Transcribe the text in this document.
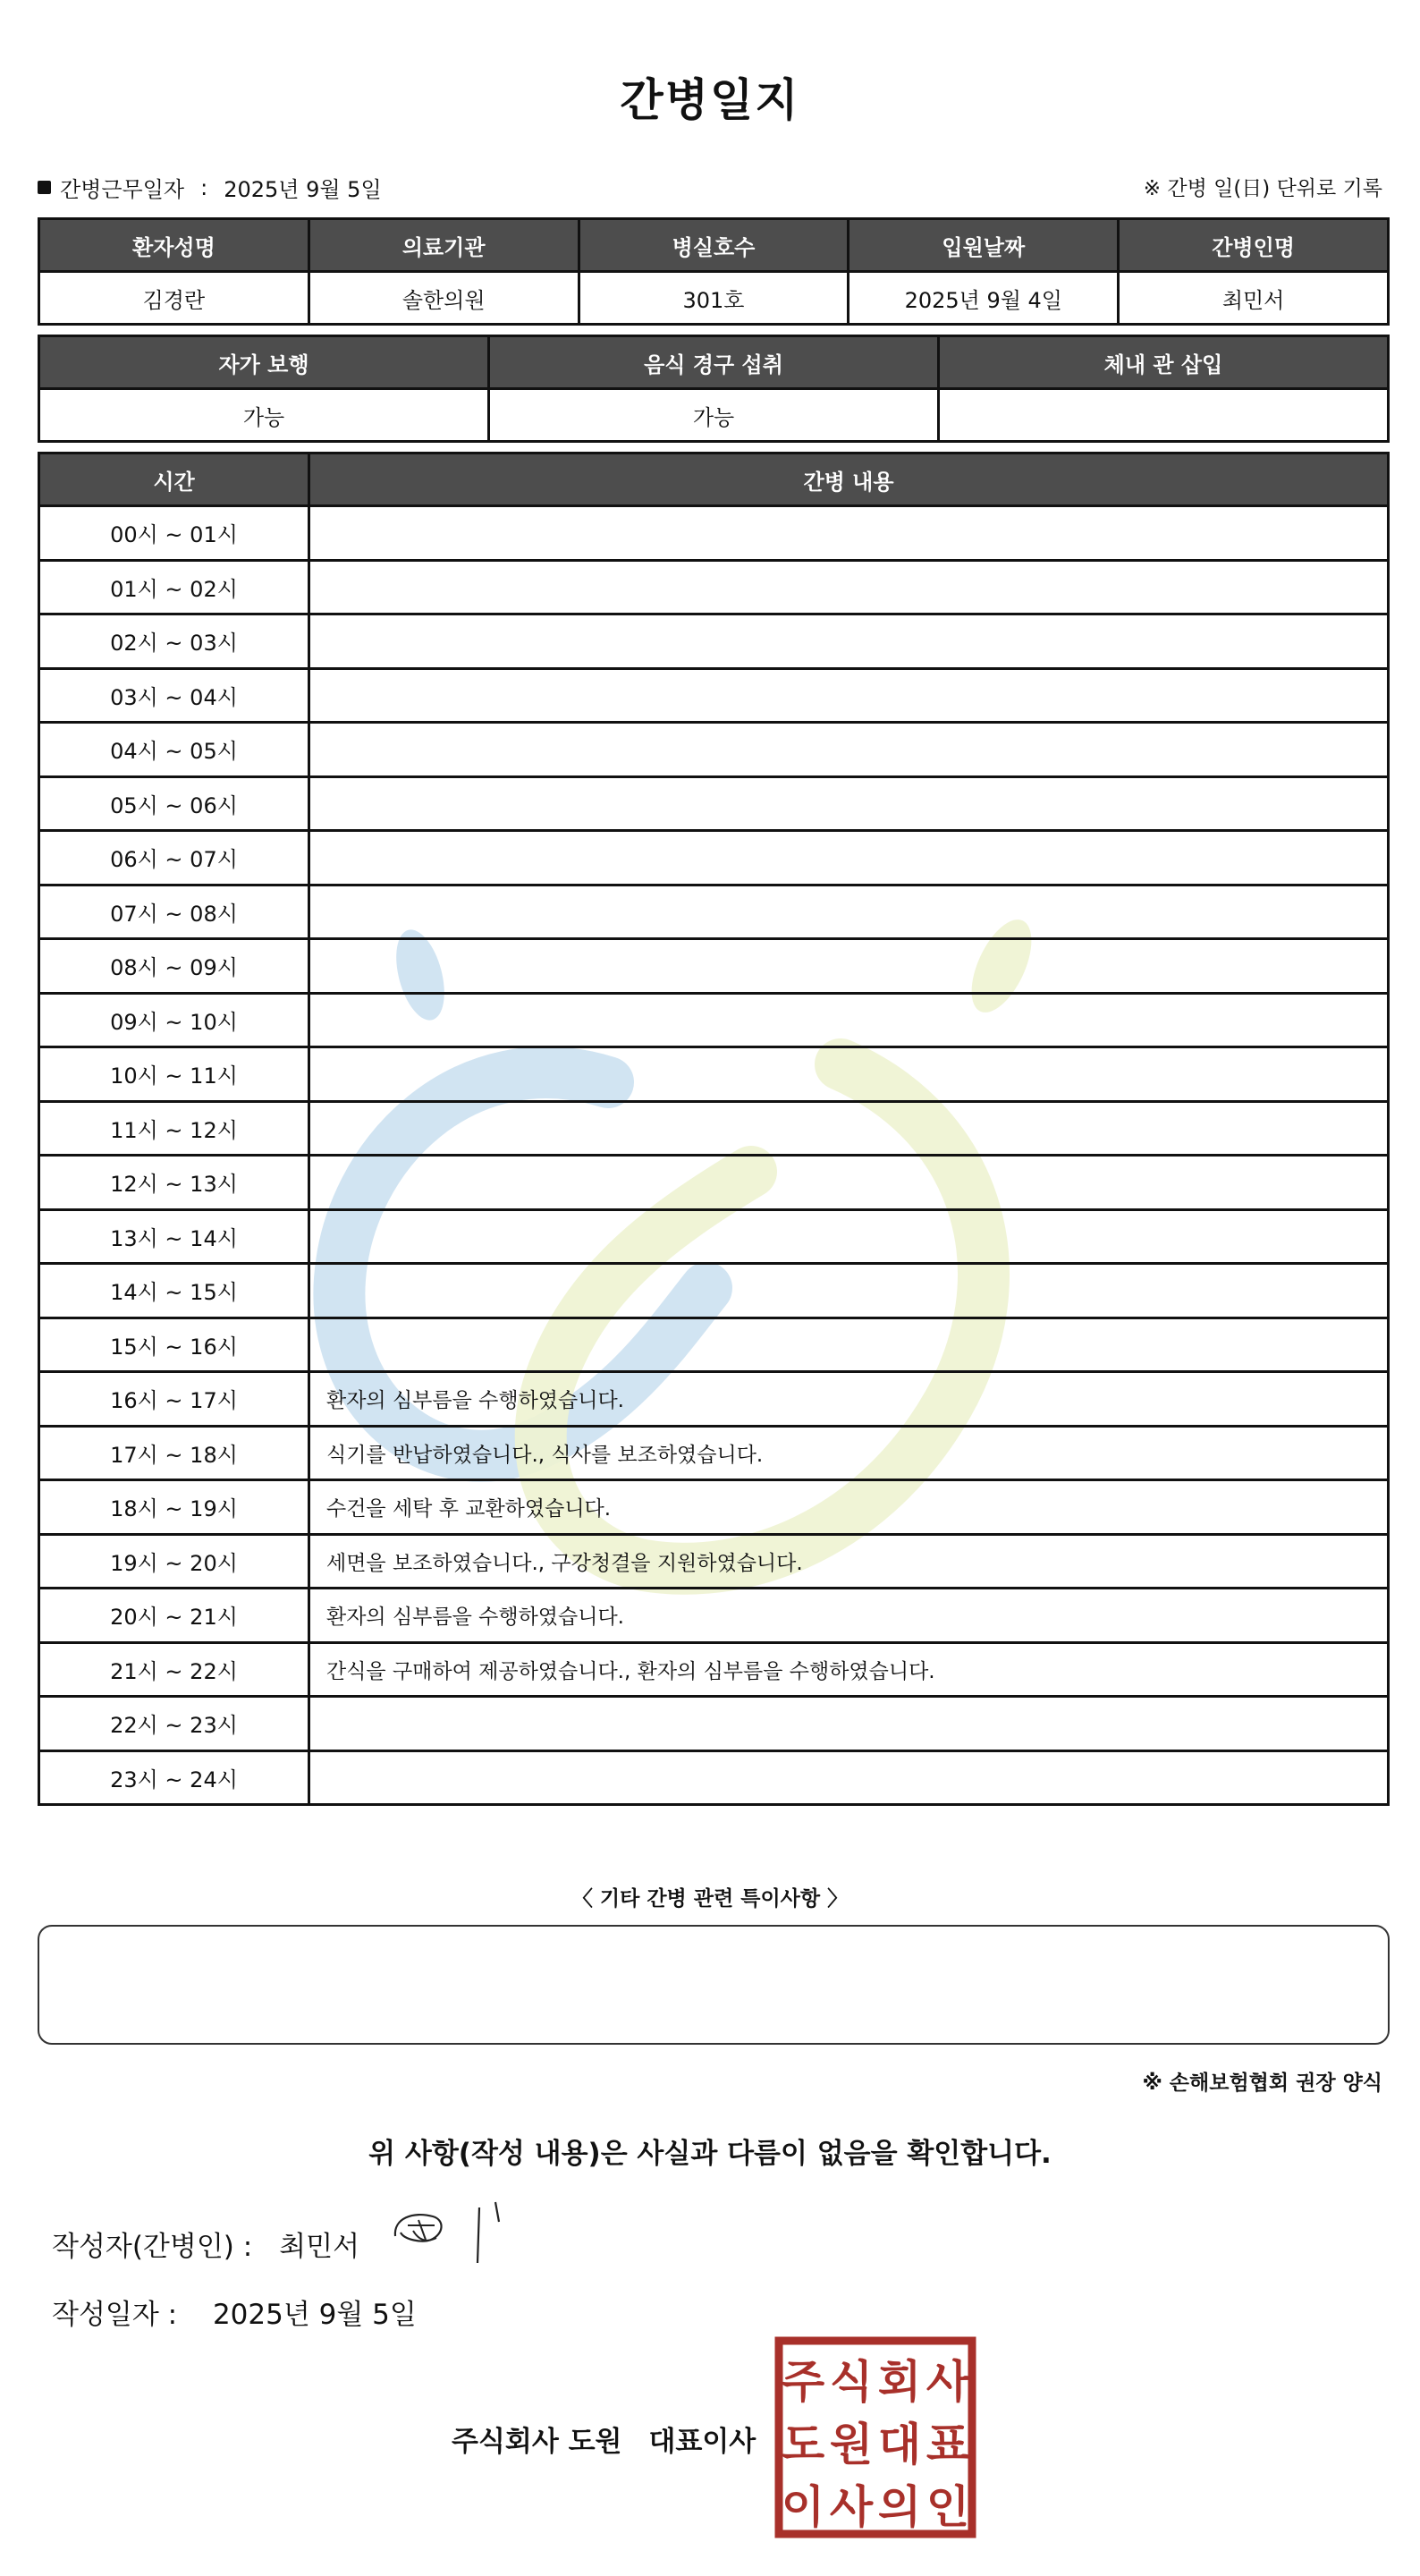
간병일지
간병근무일자 : 2025년 9월 5일	※ 간병 일(日) 단위로 기록
환자성명	의료기관	병실호수	입원날짜	간병인명
김경란	솔한의원	301호	2025년 9월 4일	최민서
자가 보행	음식 경구 섭취	체내 관 삽입
가능	가능	
시간	간병 내용
00시 ~ 01시	
01시 ~ 02시	
02시 ~ 03시	
03시 ~ 04시	
04시 ~ 05시	
05시 ~ 06시	
06시 ~ 07시	
07시 ~ 08시	
08시 ~ 09시	
09시 ~ 10시	
10시 ~ 11시	
11시 ~ 12시	
12시 ~ 13시	
13시 ~ 14시	
14시 ~ 15시	
15시 ~ 16시	
16시 ~ 17시	환자의 심부름을 수행하였습니다.
17시 ~ 18시	식기를 반납하였습니다., 식사를 보조하였습니다.
18시 ~ 19시	수건을 세탁 후 교환하였습니다.
19시 ~ 20시	세면을 보조하였습니다., 구강청결을 지원하였습니다.
20시 ~ 21시	환자의 심부름을 수행하였습니다.
21시 ~ 22시	간식을 구매하여 제공하였습니다., 환자의 심부름을 수행하였습니다.
22시 ~ 23시	
23시 ~ 24시	
〈 기타 간병 관련 특이사항 〉
※ 손해보험협회 권장 양식
위 사항(작성 내용)은 사실과 다름이 없음을 확인합니다.
작성자(간병인) : 최민서
작성일자 : 2025년 9월 5일
주식회사 도원 대표이사
주 식 회 사
도 원 대 표
이 사 의 인
